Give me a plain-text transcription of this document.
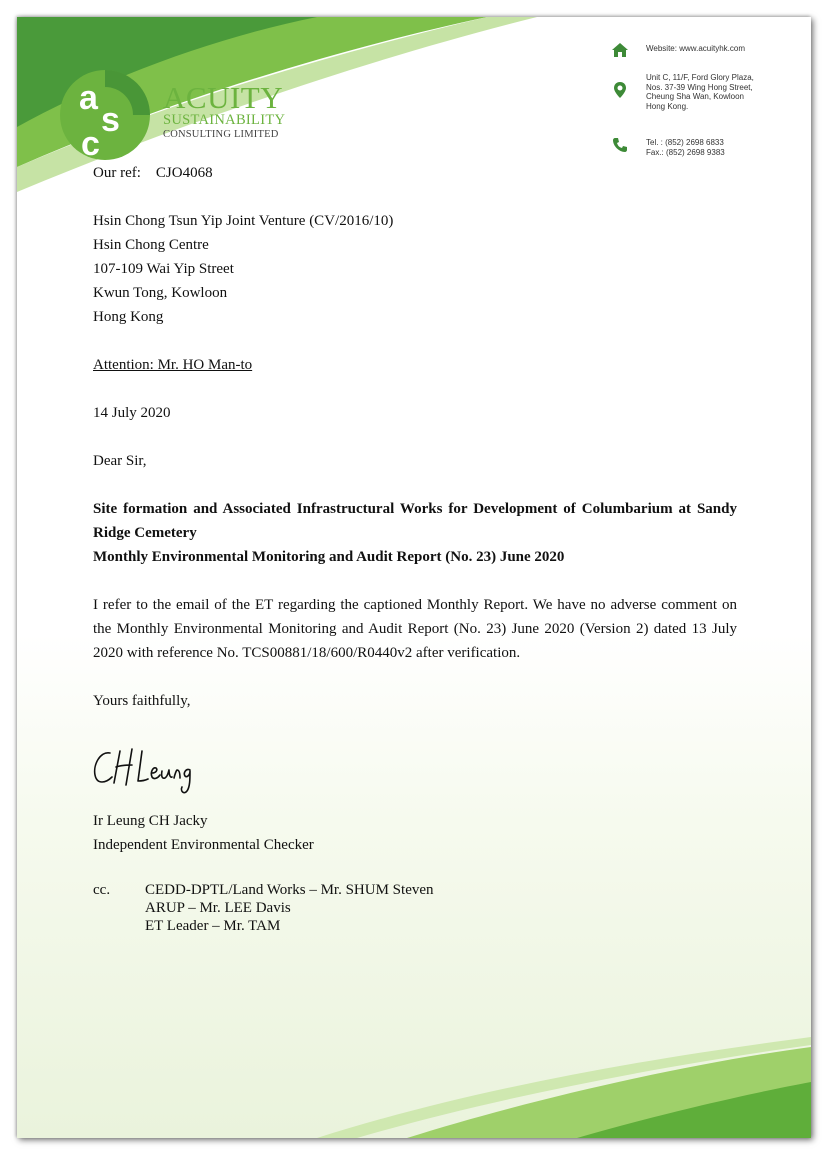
a
s
c
ACUITY
SUSTAINABILITY
CONSULTING LIMITED
Website: www.acuityhk.com
Unit C, 11/F, Ford Glory Plaza,
Nos. 37-39 Wing Hong Street,
Cheung Sha Wan, Kowloon
Hong Kong.
Tel. : (852) 2698 6833
Fax.: (852) 2698 9383
Our ref: CJO4068
Hsin Chong Tsun Yip Joint Venture (CV/2016/10)
Hsin Chong Centre
107-109 Wai Yip Street
Kwun Tong, Kowloon
Hong Kong
Attention: Mr. HO Man-to
14 July 2020
Dear Sir,
Site formation and Associated Infrastructural Works for Development of Columbarium at Sandy Ridge Cemetery
Monthly Environmental Monitoring and Audit Report (No. 23) June 2020
I refer to the email of the ET regarding the captioned Monthly Report. We have no adverse comment on the Monthly Environmental Monitoring and Audit Report (No. 23) June 2020 (Version 2) dated 13 July 2020 with reference No. TCS00881/18/600/R0440v2 after verification.
Yours faithfully,
Ir Leung CH Jacky
Independent Environmental Checker
cc. CEDD-DPTL/Land Works – Mr. SHUM Steven
ARUP – Mr. LEE Davis
ET Leader – Mr. TAM
